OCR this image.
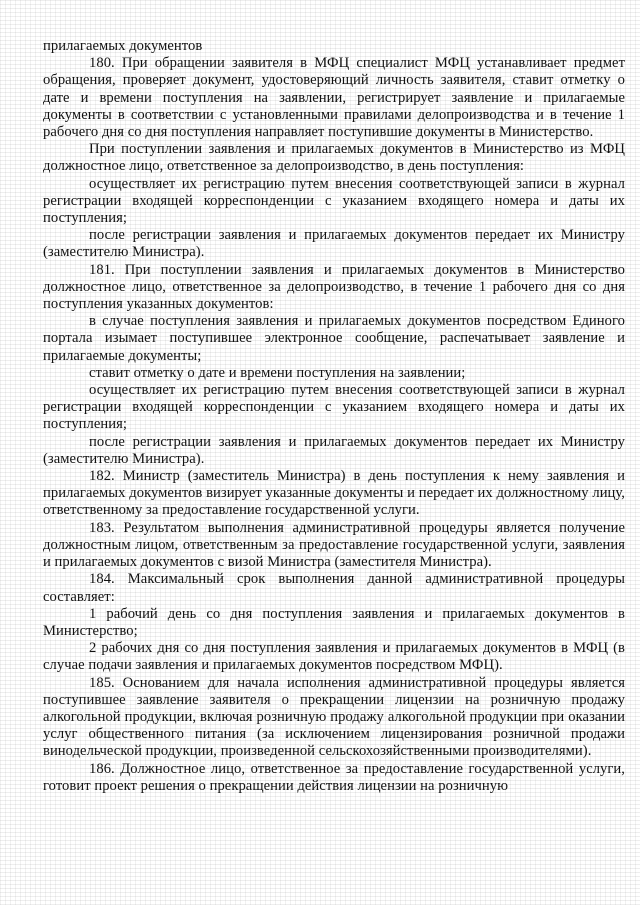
прилагаемых документов

180. При обращении заявителя в МФЦ специалист МФЦ устанавливает предмет обращения, проверяет документ, удостоверяющий личность заявителя, ставит отметку о дате и времени поступления на заявлении, регистрирует заявление и прилагаемые документы в соответствии с установленными правилами делопроизводства и в течение 1 рабочего дня со дня поступления направляет поступившие документы в Министерство.

При поступлении заявления и прилагаемых документов в Министерство из МФЦ должностное лицо, ответственное за делопроизводство, в день поступления:

осуществляет их регистрацию путем внесения соответствующей записи в журнал регистрации входящей корреспонденции с указанием входящего номера и даты их поступления;

после регистрации заявления и прилагаемых документов передает их Министру (заместителю Министра).

181. При поступлении заявления и прилагаемых документов в Министерство должностное лицо, ответственное за делопроизводство, в течение 1 рабочего дня со дня поступления указанных документов:

в случае поступления заявления и прилагаемых документов посредством Единого портала изымает поступившее электронное сообщение, распечатывает заявление и прилагаемые документы;

ставит отметку о дате и времени поступления на заявлении;

осуществляет их регистрацию путем внесения соответствующей записи в журнал регистрации входящей корреспонденции с указанием входящего номера и даты их поступления;

после регистрации заявления и прилагаемых документов передает их Министру (заместителю Министра).

182. Министр (заместитель Министра) в день поступления к нему заявления и прилагаемых документов визирует указанные документы и передает их должностному лицу, ответственному за предоставление государственной услуги.

183. Результатом выполнения административной процедуры является получение должностным лицом, ответственным за предоставление государственной услуги, заявления и прилагаемых документов с визой Министра (заместителя Министра).

184. Максимальный срок выполнения данной административной процедуры составляет:

1 рабочий день со дня поступления заявления и прилагаемых документов в Министерство;

2 рабочих дня со дня поступления заявления и прилагаемых документов в МФЦ (в случае подачи заявления и прилагаемых документов посредством МФЦ).

185. Основанием для начала исполнения административной процедуры является поступившее заявление заявителя о прекращении лицензии на розничную продажу алкогольной продукции, включая розничную продажу алкогольной продукции при оказании услуг общественного питания (за исключением лицензирования розничной продажи винодельческой продукции, произведенной сельскохозяйственными производителями).

186. Должностное лицо, ответственное за предоставление государственной услуги, готовит проект решения о прекращении действия лицензии на розничную
